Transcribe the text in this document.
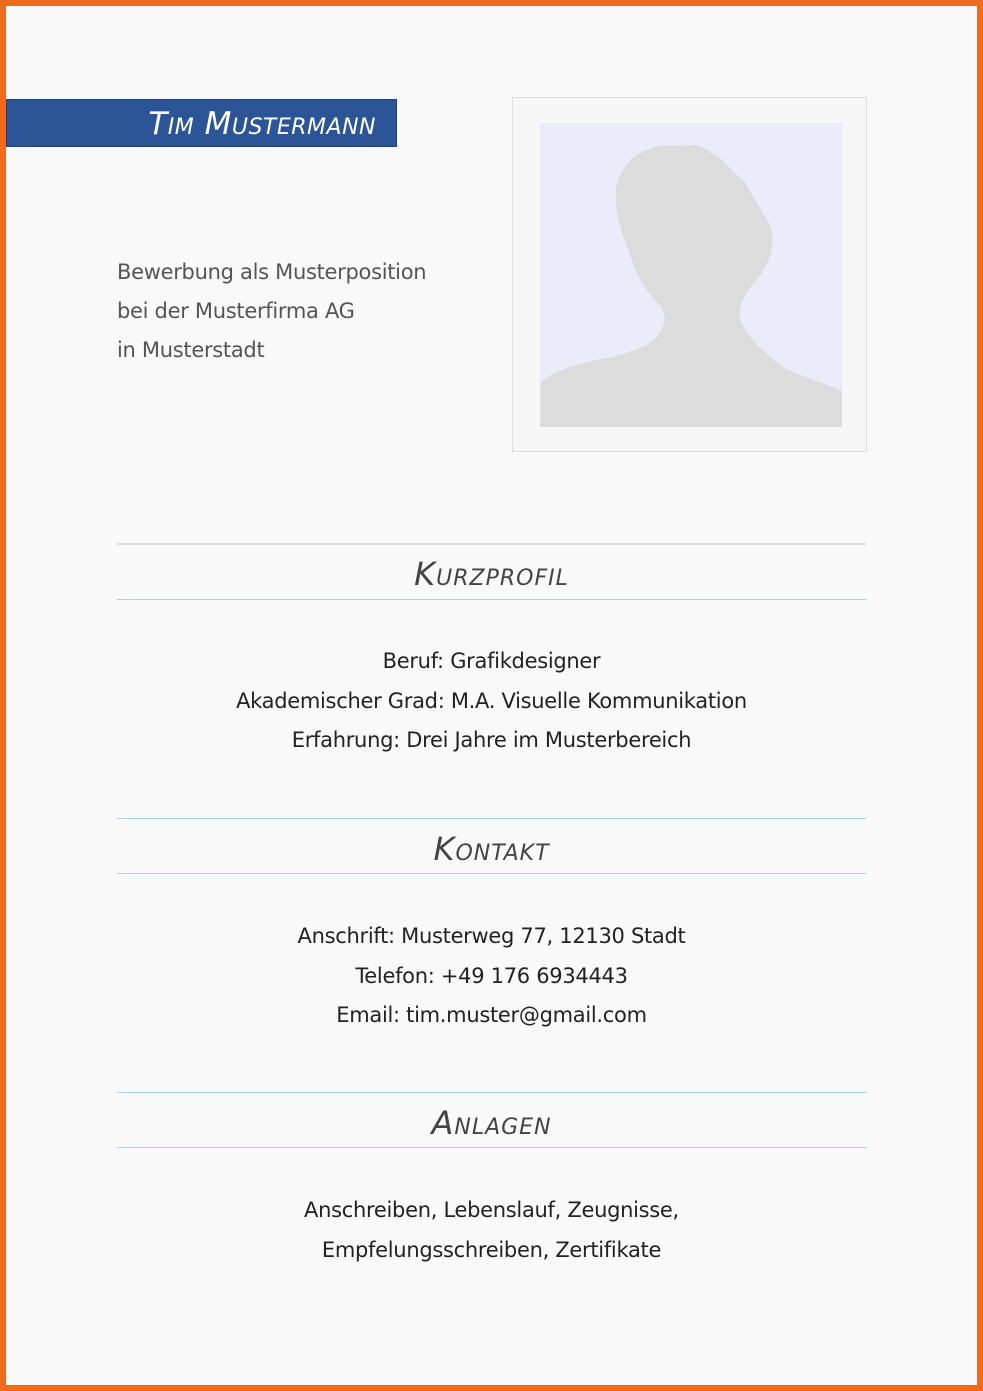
Tim Mustermann
Bewerbung als Musterposition
bei der Musterfirma AG
in Musterstadt
Kurzprofil
Beruf: Grafikdesigner
Akademischer Grad: M.A. Visuelle Kommunikation
Erfahrung: Drei Jahre im Musterbereich
Kontakt
Anschrift: Musterweg 77, 12130 Stadt
Telefon: +49 176 6934443
Email: tim.muster@gmail.com
Anlagen
Anschreiben, Lebenslauf, Zeugnisse,
Empfelungsschreiben, Zertifikate
